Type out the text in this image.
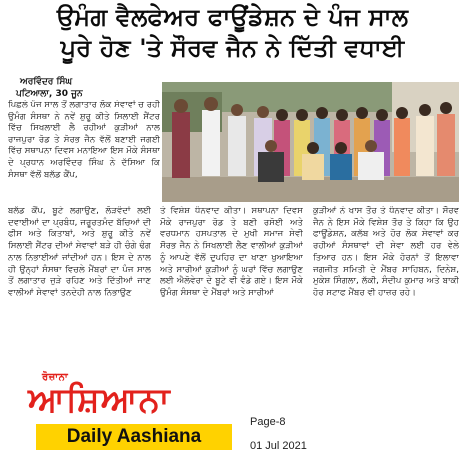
ਉਮੰਗ ਵੈਲਫੇਅਰ ਫਾਊਂਡੇਸ਼ਨ ਦੇ ਪੰਜ ਸਾਲ
ਪੂਰੇ ਹੋਣ 'ਤੇ ਸੌਰਵ ਜੈਨ ਨੇ ਦਿੱਤੀ ਵਧਾਈ
ਅਰਵਿੰਦਰ ਸਿੰਘ
ਪਟਿਆਲਾ, 30 ਜੂਨ
ਪਿਛਲੇ ਪੰਜ ਸਾਲ ਤੋਂ ਲਗਾਤਾਰ ਲੋਕ ਸੇਵਾਵਾਂ ਚ ਰਹੀ ਉਮੰਗ ਸੰਸਥਾ ਨੇ ਨਵੇਂ ਸ਼ੁਰੂ ਕੀਤੇ ਸਿਲਾਈ ਸੈਂਟਰ ਵਿੱਚ ਸਿਖਲਾਈ ਲੈ ਰਹੀਆਂ ਕੁੜੀਆਂ ਨਾਲ ਰਾਜਪੁਰਾ ਰੋਡ ਤੇ ਸੋਰਭ ਜੈਨ ਵੱਲੋਂ ਬਣਾਈ ਜਗਈ ਵਿੱਚ ਸਥਾਪਨਾ ਦਿਵਸ ਮਨਾਇਆ ਇਸ ਮੌਕੇ ਸੰਸਥਾ ਦੇ ਪ੍ਰਧਾਨ ਅਰਵਿੰਦਰ ਸਿੰਘ ਨੇ ਦੱਸਿਆ ਕਿ ਸੰਸਥਾ ਵੱਲੋਂ ਬਲੱਡ ਕੈਂਪ,
ਬਲੱਡ ਕੈਂਪ, ਬੂਟੇ ਲਗਾਉਣ, ਲੋੜਵੰਦਾਂ ਲਈ ਦਵਾਈਆਂ ਦਾ ਪ੍ਰਬੰਧ, ਜਰੂਰਤਮੰਦ ਬੱਚਿਆਂ ਦੀ ਫੀਸ ਅਤੇ ਕਿਤਾਬਾਂ, ਅਤੇ ਸ਼ੁਰੂ ਕੀਤੇ ਨਵੇਂ ਸਿਲਾਈ ਸੈਂਟਰ ਦੀਆਂ ਸੇਵਾਵਾਂ ਬੜੇ ਹੀ ਚੰਗੇ ਢੰਗ ਨਾਲ ਨਿਭਾਈਆਂ ਜਾਂਦੀਆਂ ਹਨ। ਇਸ ਦੇ ਨਾਲ ਹੀ ਉਨ੍ਹਾਂ ਸੰਸਥਾ ਵਿਚਲੇ ਮੈਂਬਰਾਂ ਦਾ ਪੰਜ ਸਾਲ ਤੋਂ ਲਗਾਤਾਰ ਜੁੜੇ ਰਹਿਣ ਅਤੇ ਦਿੱਤੀਆਂ ਜਾਣ ਵਾਲੀਆਂ ਸੇਵਾਵਾਂ ਤਨਦੇਹੀ ਨਾਲ ਨਿਭਾਉਣ
ਤੇ ਵਿਸ਼ੇਸ਼ ਧੰਨਵਾਦ ਕੀਤਾ। ਸਥਾਪਨਾ ਦਿਵਸ ਮੌਕੇ ਰਾਜਪੁਰਾ ਰੋਡ ਤੇ ਬਣੀ ਰਸੋਈ ਅਤੇ ਵਰਧਮਾਨ ਹਸਪਤਾਲ ਦੇ ਮੁਖੀ ਸਮਾਜ ਸੇਵੀ ਸੌਰਭ ਜੈਨ ਨੇ ਸਿਖਲਾਈ ਲੈਣ ਵਾਲੀਆਂ ਕੁੜੀਆਂ ਨੂੰ ਆਪਣੇ ਵੱਲੋਂ ਦੁਪਹਿਰ ਦਾ ਖਾਣਾ ਖੁਆਇਆ ਅਤੇ ਸਾਰੀਆਂ ਕੁੜੀਆਂ ਨੂੰ ਘਰਾਂ ਵਿੱਚ ਲਗਾਉਣ ਲਈ ਐਲੋਵੇਰਾ ਦੇ ਬੂਟੇ ਵੀ ਵੰਡੇ ਗਏ। ਇਸ ਮੌਕੇ ਉਮੰਗ ਸੰਸਥਾ ਦੇ ਮੈਂਬਰਾਂ ਅਤੇ ਸਾਰੀਆਂ
ਕੁੜੀਆਂ ਨੇ ਖਾਸ ਤੌਰ ਤੇ ਧੰਨਵਾਦ ਕੀਤਾ। ਸੌਰਵ ਜੈਨ ਨੇ ਇਸ ਮੌਕੇ ਵਿਸ਼ੇਸ਼ ਤੌਰ ਤੇ ਕਿਹਾ ਕਿ ਉਹ ਫਾਊਂਡੇਸ਼ਨ, ਕਲੱਬ ਅਤੇ ਹੋਰ ਲੋਕ ਸੇਵਾਵਾਂ ਕਰ ਰਹੀਆਂ ਸੰਸਥਾਵਾਂ ਦੀ ਸੇਵਾ ਲਈ ਹਰ ਵੇਲੇ ਤਿਆਰ ਹਨ। ਇਸ ਮੌਕੇ ਹੋਰਨਾਂ ਤੋਂ ਇਲਾਵਾ ਜਗਜੀਤ ਸਮਿਤੀ ਦੇ ਮੈਂਬਰ ਸਾਹਿਬਨ, ਦਿਨੇਸ਼, ਮੁਕੇਸ਼ ਸਿੰਗਲਾ, ਲੱਕੀ, ਸੰਦੀਪ ਕੁਮਾਰ ਅਤੇ ਬਾਕੀ ਹੋਰ ਸਟਾਫ ਮੈਂਬਰ ਵੀ ਹਾਜ਼ਰ ਰਹੇ।
ਰੋਜ਼ਾਨਾ
ਆਸ਼ਿਆਨਾ
Daily Aashiana
Page-8
01 Jul 2021
